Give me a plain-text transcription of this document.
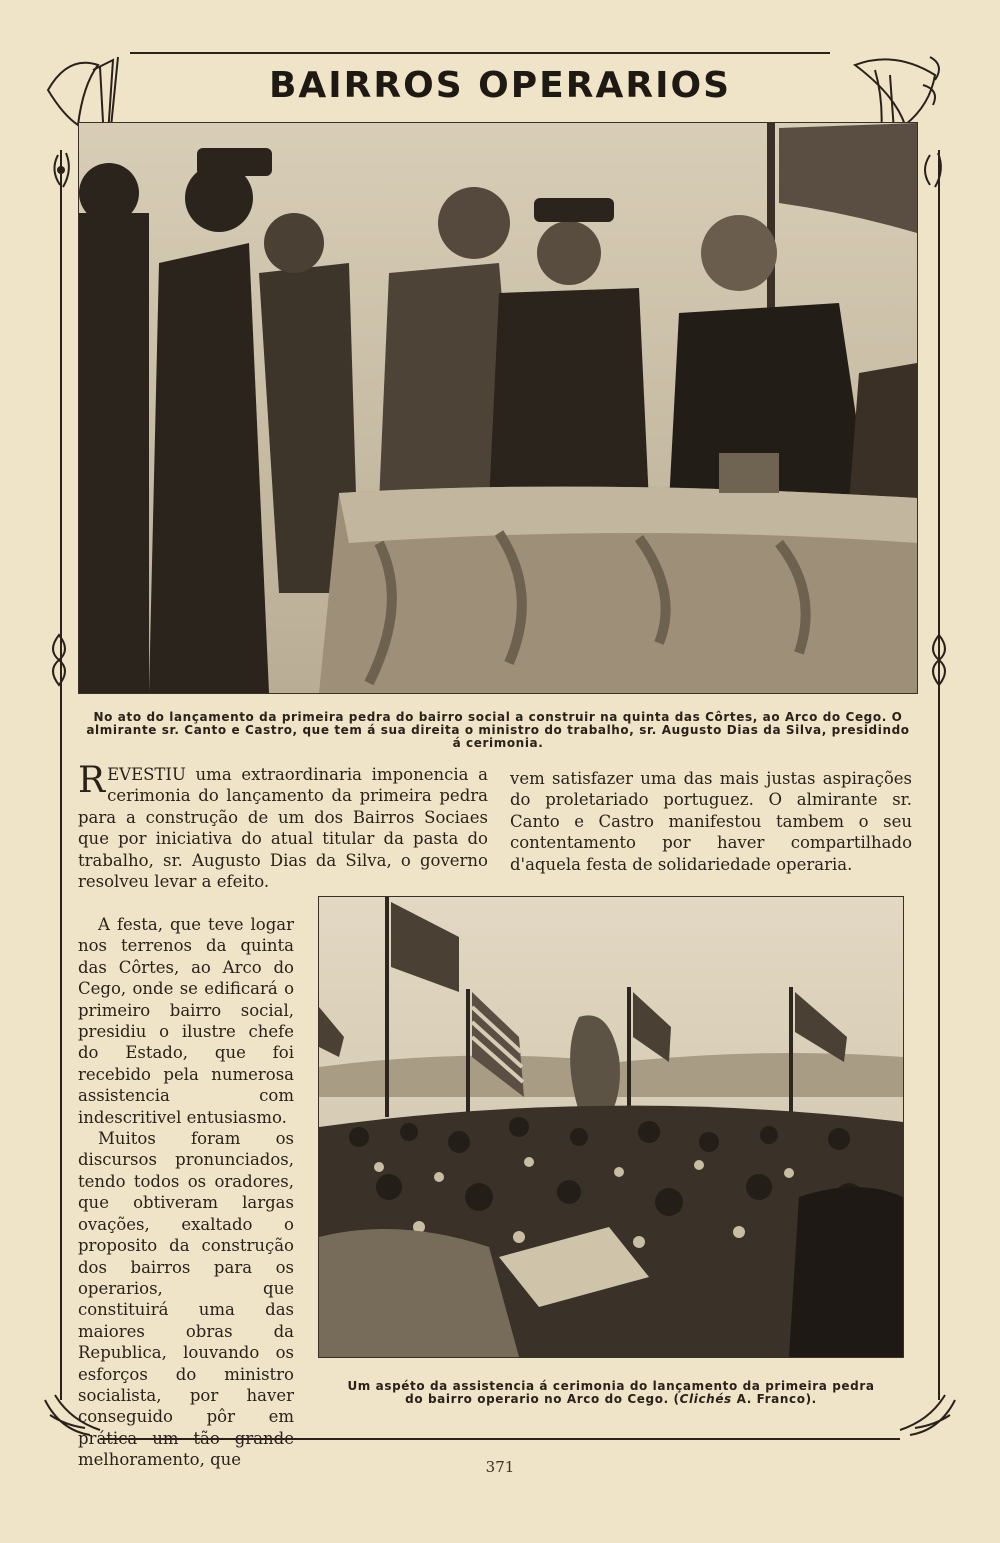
BAIRROS OPERARIOS
No ato do lançamento da primeira pedra do bairro social a construir na quinta das Côrtes, ao Arco do Cego. O almirante sr. Canto e Castro, que tem á sua direita o ministro do trabalho, sr. Augusto Dias da Silva, presidindo á cerimonia.

REVESTIU uma extraordinaria imponencia a cerimonia do lançamento da primeira pedra para a construção de um dos Bairros Sociaes que por iniciativa do atual titular da pasta do trabalho, sr. Augusto Dias da Silva, o governo resolveu levar a efeito.

A festa, que teve logar nos terrenos da quinta das Côrtes, ao Arco do Cego, onde se edificará o primeiro bairro social, presidiu o ilustre chefe do Estado, que foi recebido pela numerosa assistencia com indescritivel entusiasmo.

Muitos foram os discursos pronunciados, tendo todos os oradores, que obtiveram largas ovações, exaltado o proposito da construção dos bairros para os operarios, que constituirá uma das maiores obras da Republica, louvando os esforços do ministro socialista, por haver conseguido pôr em prática um tão grande melhoramento, que

vem satisfazer uma das mais justas aspirações do proletariado portuguez. O almirante sr. Canto e Castro manifestou tambem o seu contentamento por haver compartilhado d'aquela festa de solidariedade operaria.

Um aspéto da assistencia á cerimonia do lançamento da primeira pedra
do bairro operario no Arco do Cego. (Clichés A. Franco).
371
